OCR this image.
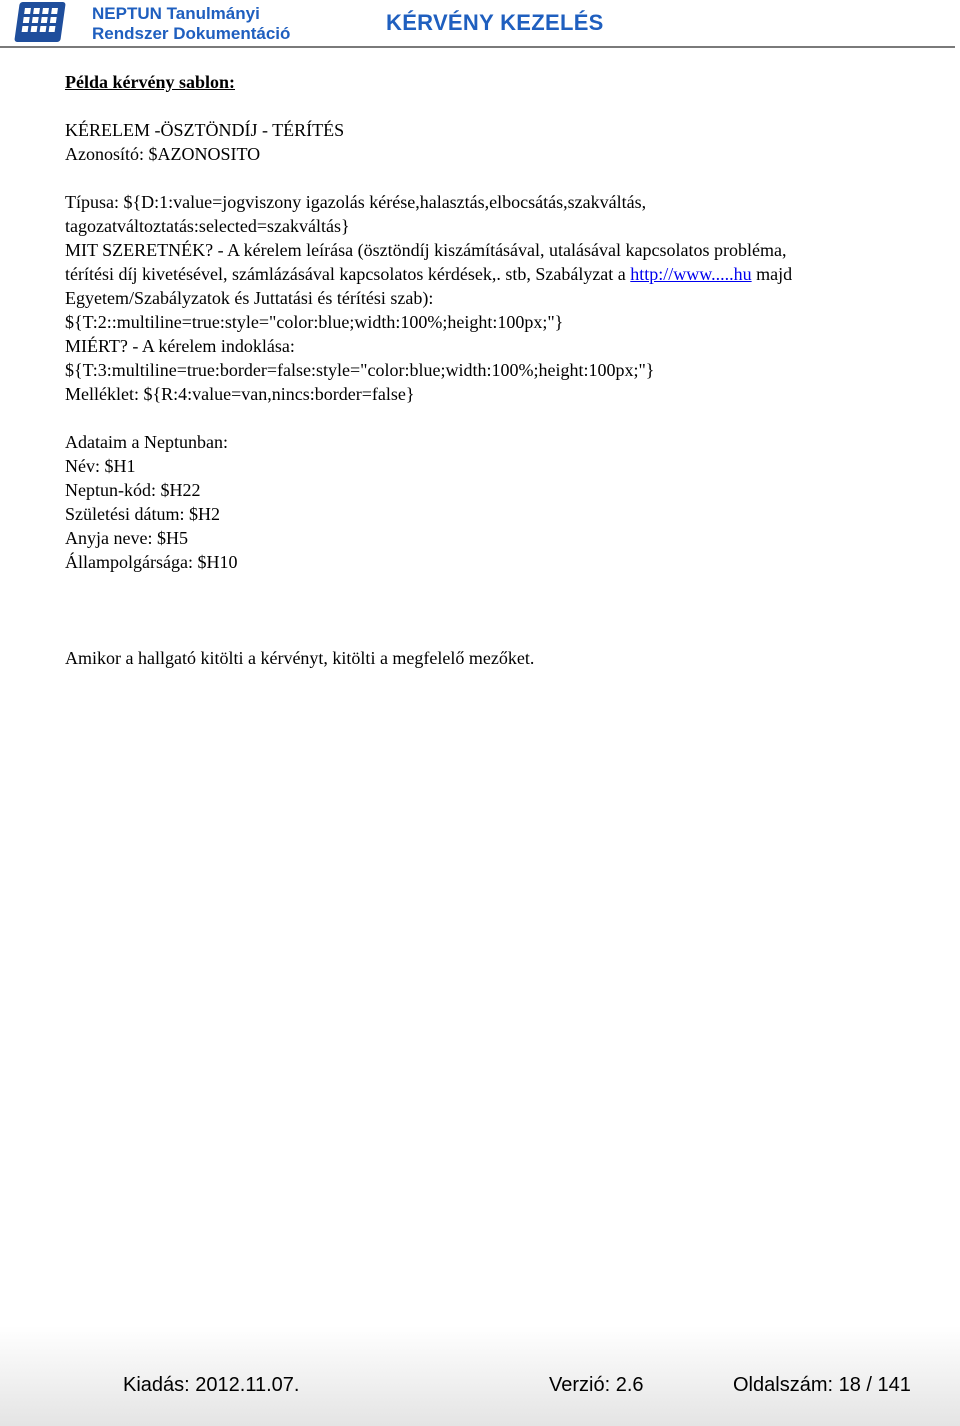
NEPTUN Tanulmányi
Rendszer Dokumentáció	KÉRVÉNY KEZELÉS
Példa kérvény sablon:
KÉRELEM -ÖSZTÖNDÍJ - TÉRÍTÉS
Azonosító: $AZONOSITO
Típusa: ${D:1:value=jogviszony igazolás kérése,halasztás,elbocsátás,szakváltás,
tagozatváltoztatás:selected=szakváltás}
MIT SZERETNÉK? - A kérelem leírása (ösztöndíj kiszámításával, utalásával kapcsolatos probléma,
térítési díj kivetésével, számlázásával kapcsolatos kérdések,. stb, Szabályzat a http://www.....hu majd
Egyetem/Szabályzatok és Juttatási és térítési szab):
${T:2::multiline=true:style="color:blue;width:100%;height:100px;"}
MIÉRT? - A kérelem indoklása:
${T:3:multiline=true:border=false:style="color:blue;width:100%;height:100px;"}
Melléklet: ${R:4:value=van,nincs:border=false}
Adataim a Neptunban:
Név: $H1
Neptun-kód: $H22
Születési dátum: $H2
Anyja neve: $H5
Állampolgársága: $H10
Amikor a hallgató kitölti a kérvényt, kitölti a megfelelő mezőket.
Kiadás: 2012.11.07.	Verzió: 2.6	Oldalszám: 18 / 141
